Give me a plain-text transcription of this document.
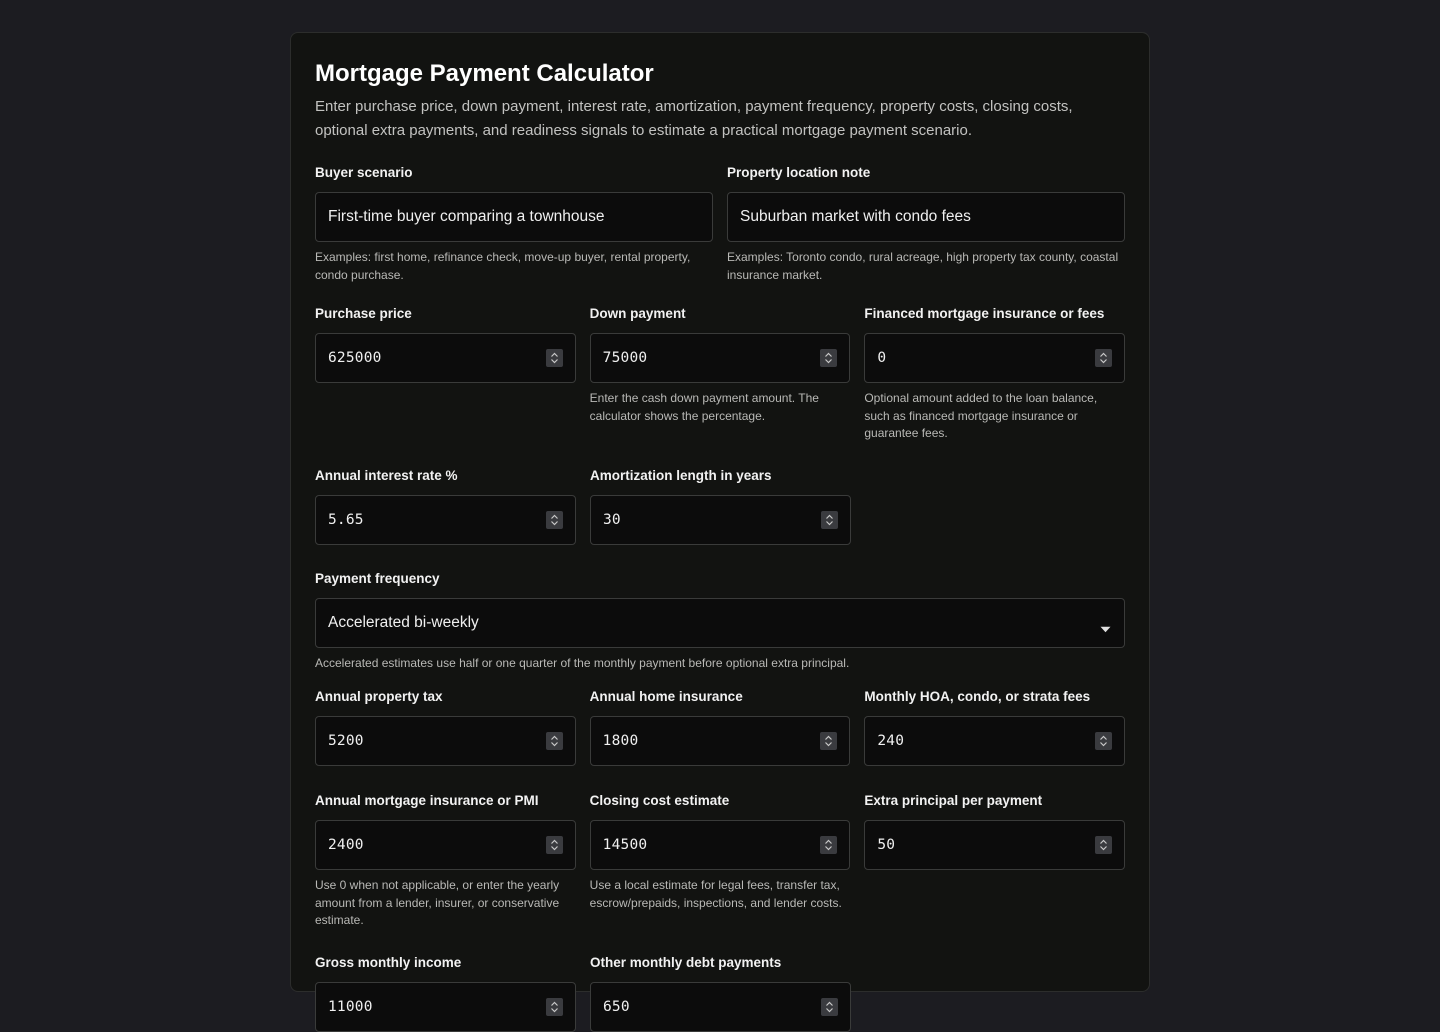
Mortgage Payment Calculator

Enter purchase price, down payment, interest rate, amortization, payment frequency, property costs, closing costs, optional extra payments, and readiness signals to estimate a practical mortgage payment scenario.

Buyer scenario
First-time buyer comparing a townhouse
Examples: first home, refinance check, move-up buyer, rental property, condo purchase.
Property location note
Suburban market with condo fees
Examples: Toronto condo, rural acreage, high property tax county, coastal insurance market.
Purchase price
625000
Down payment
75000
Enter the cash down payment amount. The calculator shows the percentage.
Financed mortgage insurance or fees
0
Optional amount added to the loan balance, such as financed mortgage insurance or guarantee fees.
Annual interest rate %
5.65
Amortization length in years
30
Payment frequency
Accelerated bi-weekly
Accelerated estimates use half or one quarter of the monthly payment before optional extra principal.
Annual property tax
5200
Annual home insurance
1800
Monthly HOA, condo, or strata fees
240
Annual mortgage insurance or PMI
2400
Use 0 when not applicable, or enter the yearly amount from a lender, insurer, or conservative estimate.
Closing cost estimate
14500
Use a local estimate for legal fees, transfer tax, escrow/prepaids, inspections, and lender costs.
Extra principal per payment
50
Gross monthly income
11000
Other monthly debt payments
650
